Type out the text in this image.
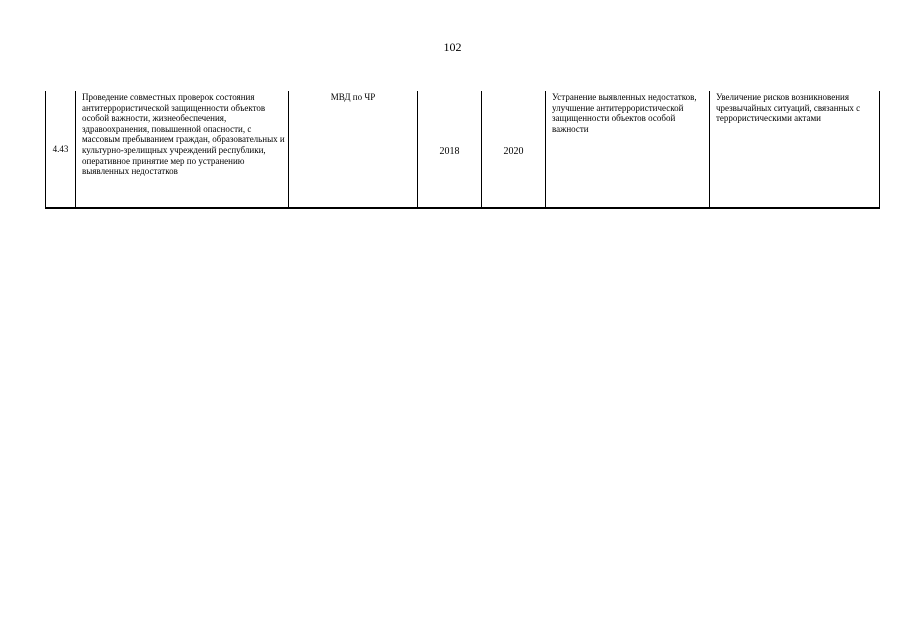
102
4.43	Проведение совместных проверок состояния антитеррористической защищенности объектов особой важности, жизнеобеспечения, здравоохранения, повышенной опасности, с массовым пребыванием граждан, образовательных и культурно-зрелищных учреждений республики, оперативное принятие мер по устранению выявленных недостатков	МВД по ЧР	2018	2020	Устранение выявленных недостатков, улучшение антитеррористической защищенности объектов особой важности	Увеличение рисков возникновения чрезвычайных ситуаций, связанных с террористическими актами
